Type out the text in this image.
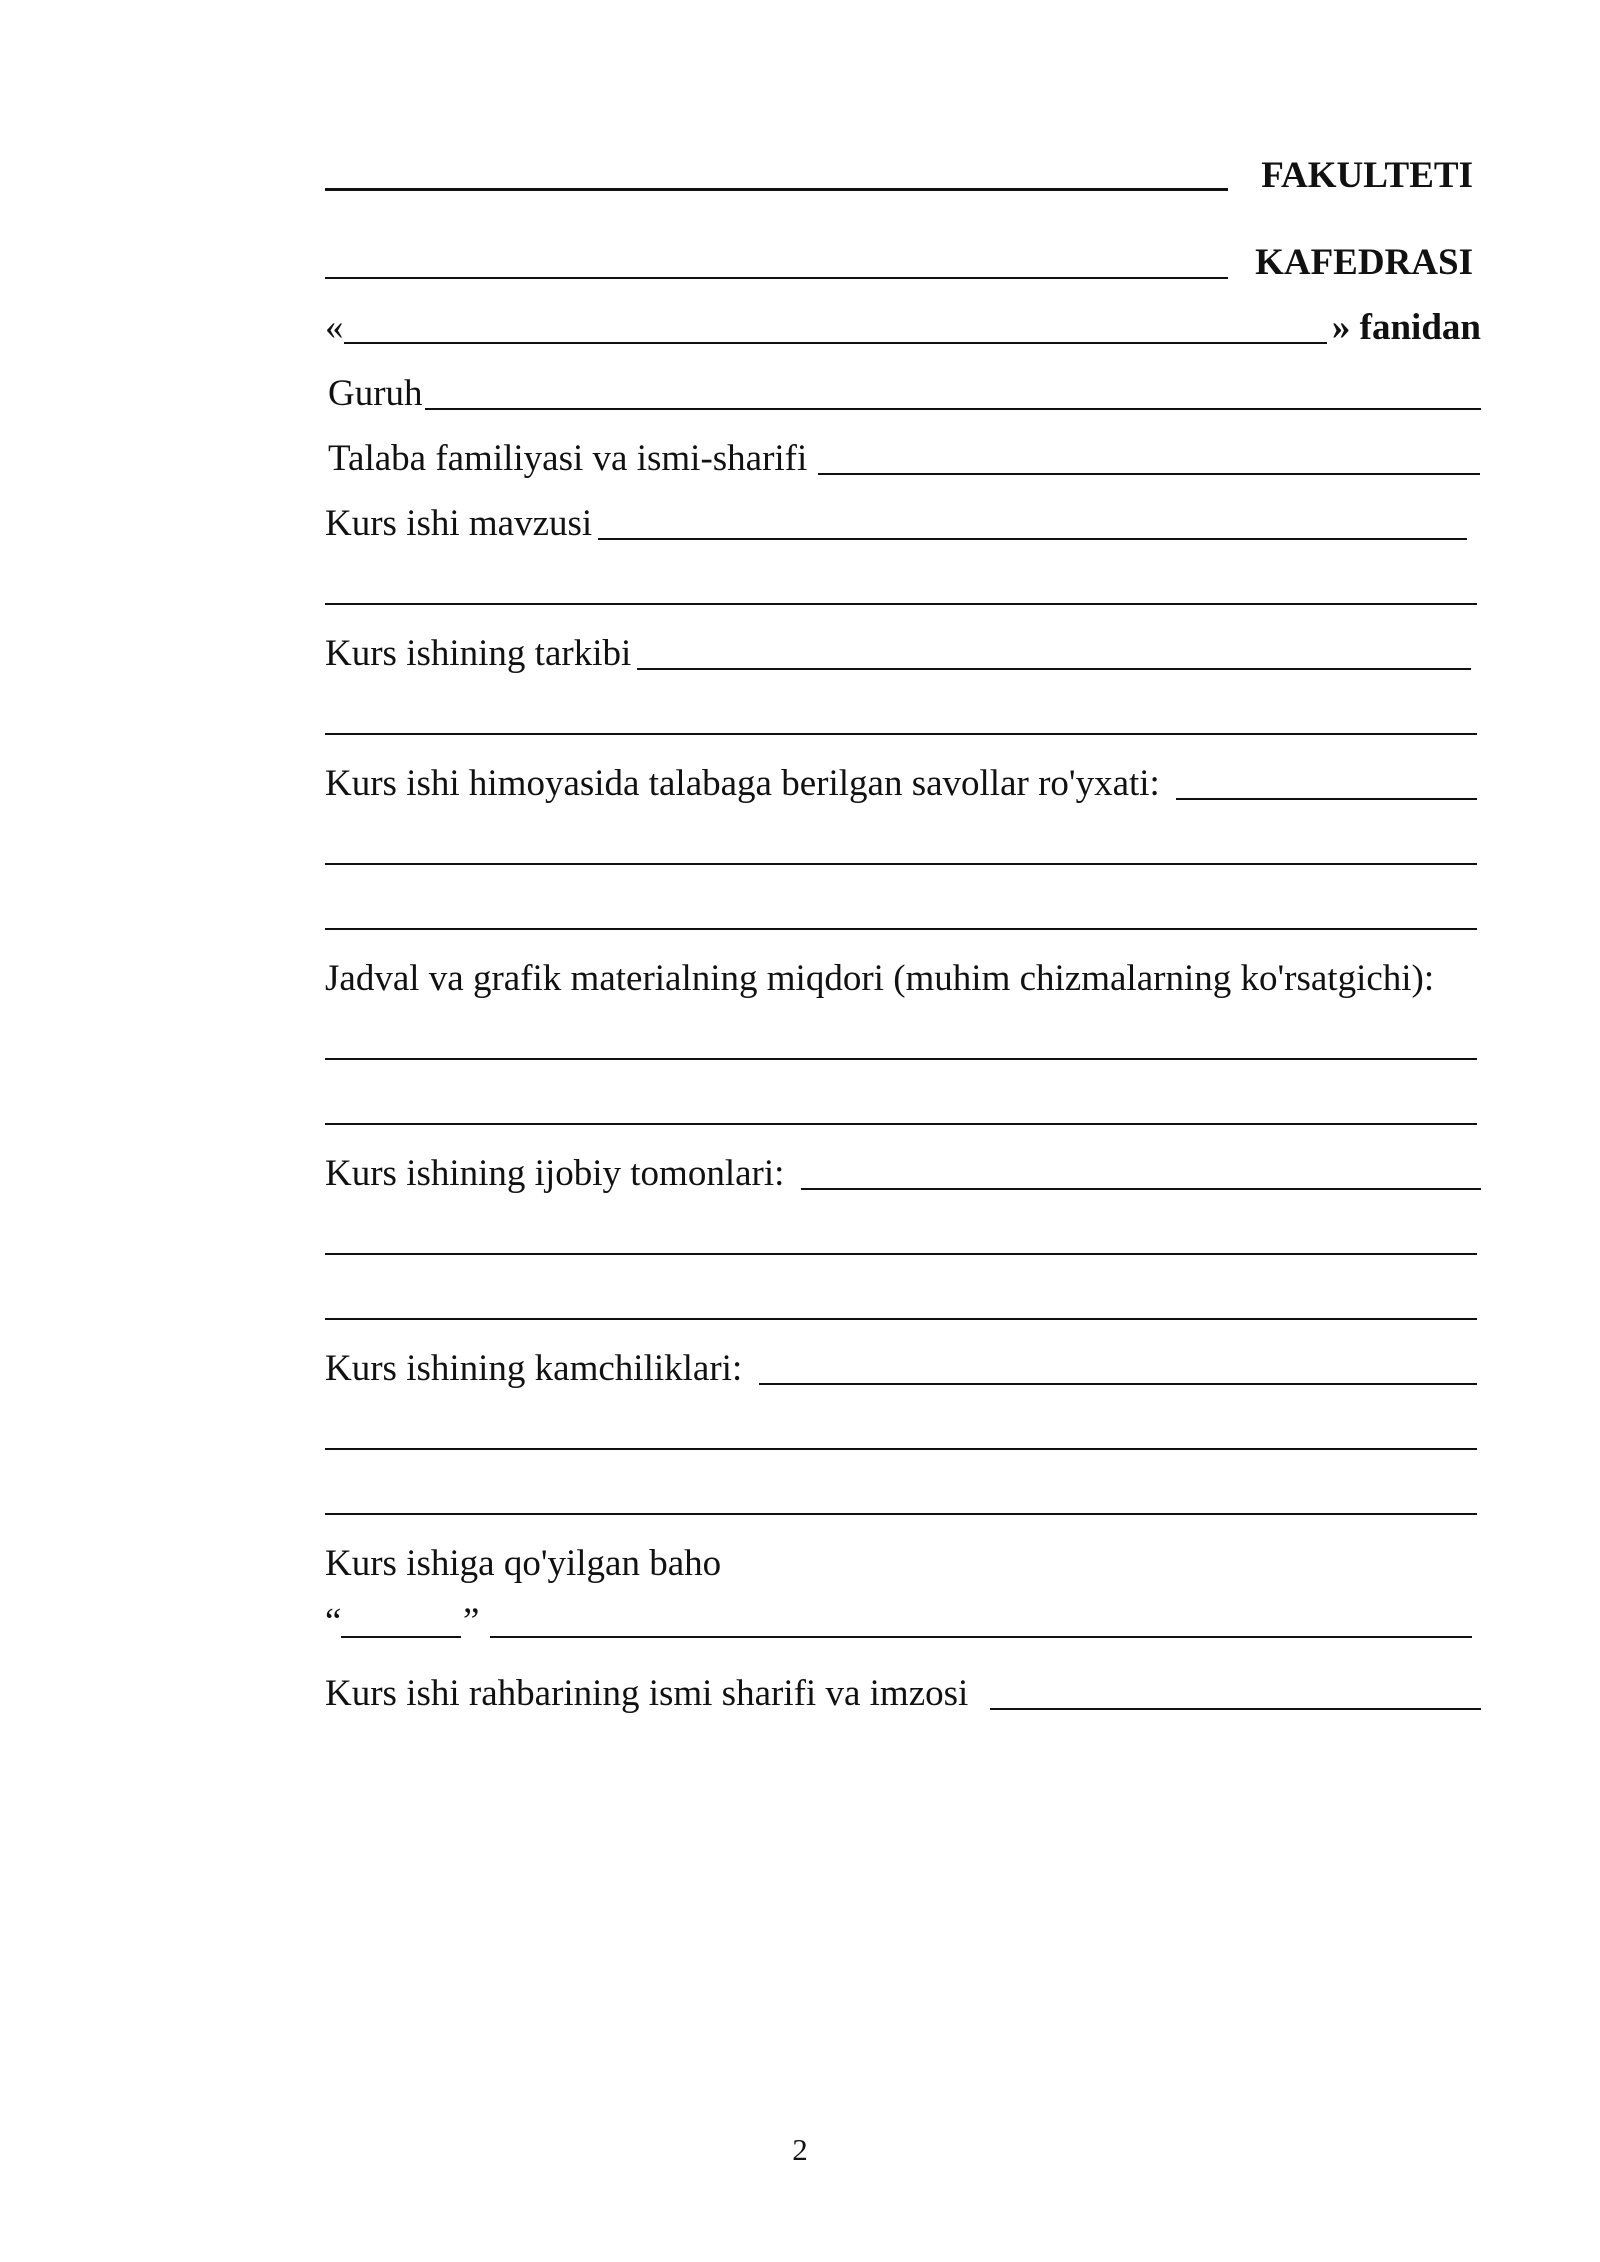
FAKULTETI
KAFEDRASI
«	» fanidan
Guruh
Talaba familiyasi va ismi-sharifi
Kurs ishi mavzusi
Kurs ishining tarkibi
Kurs ishi himoyasida talabaga berilgan savollar ro'yxati:
Jadval va grafik materialning miqdori (muhim chizmalarning ko'rsatgichi):
Kurs ishining ijobiy tomonlari:
Kurs ishining kamchiliklari:
Kurs ishiga qo'yilgan baho
“	”
Kurs ishi rahbarining ismi sharifi va imzosi
2
